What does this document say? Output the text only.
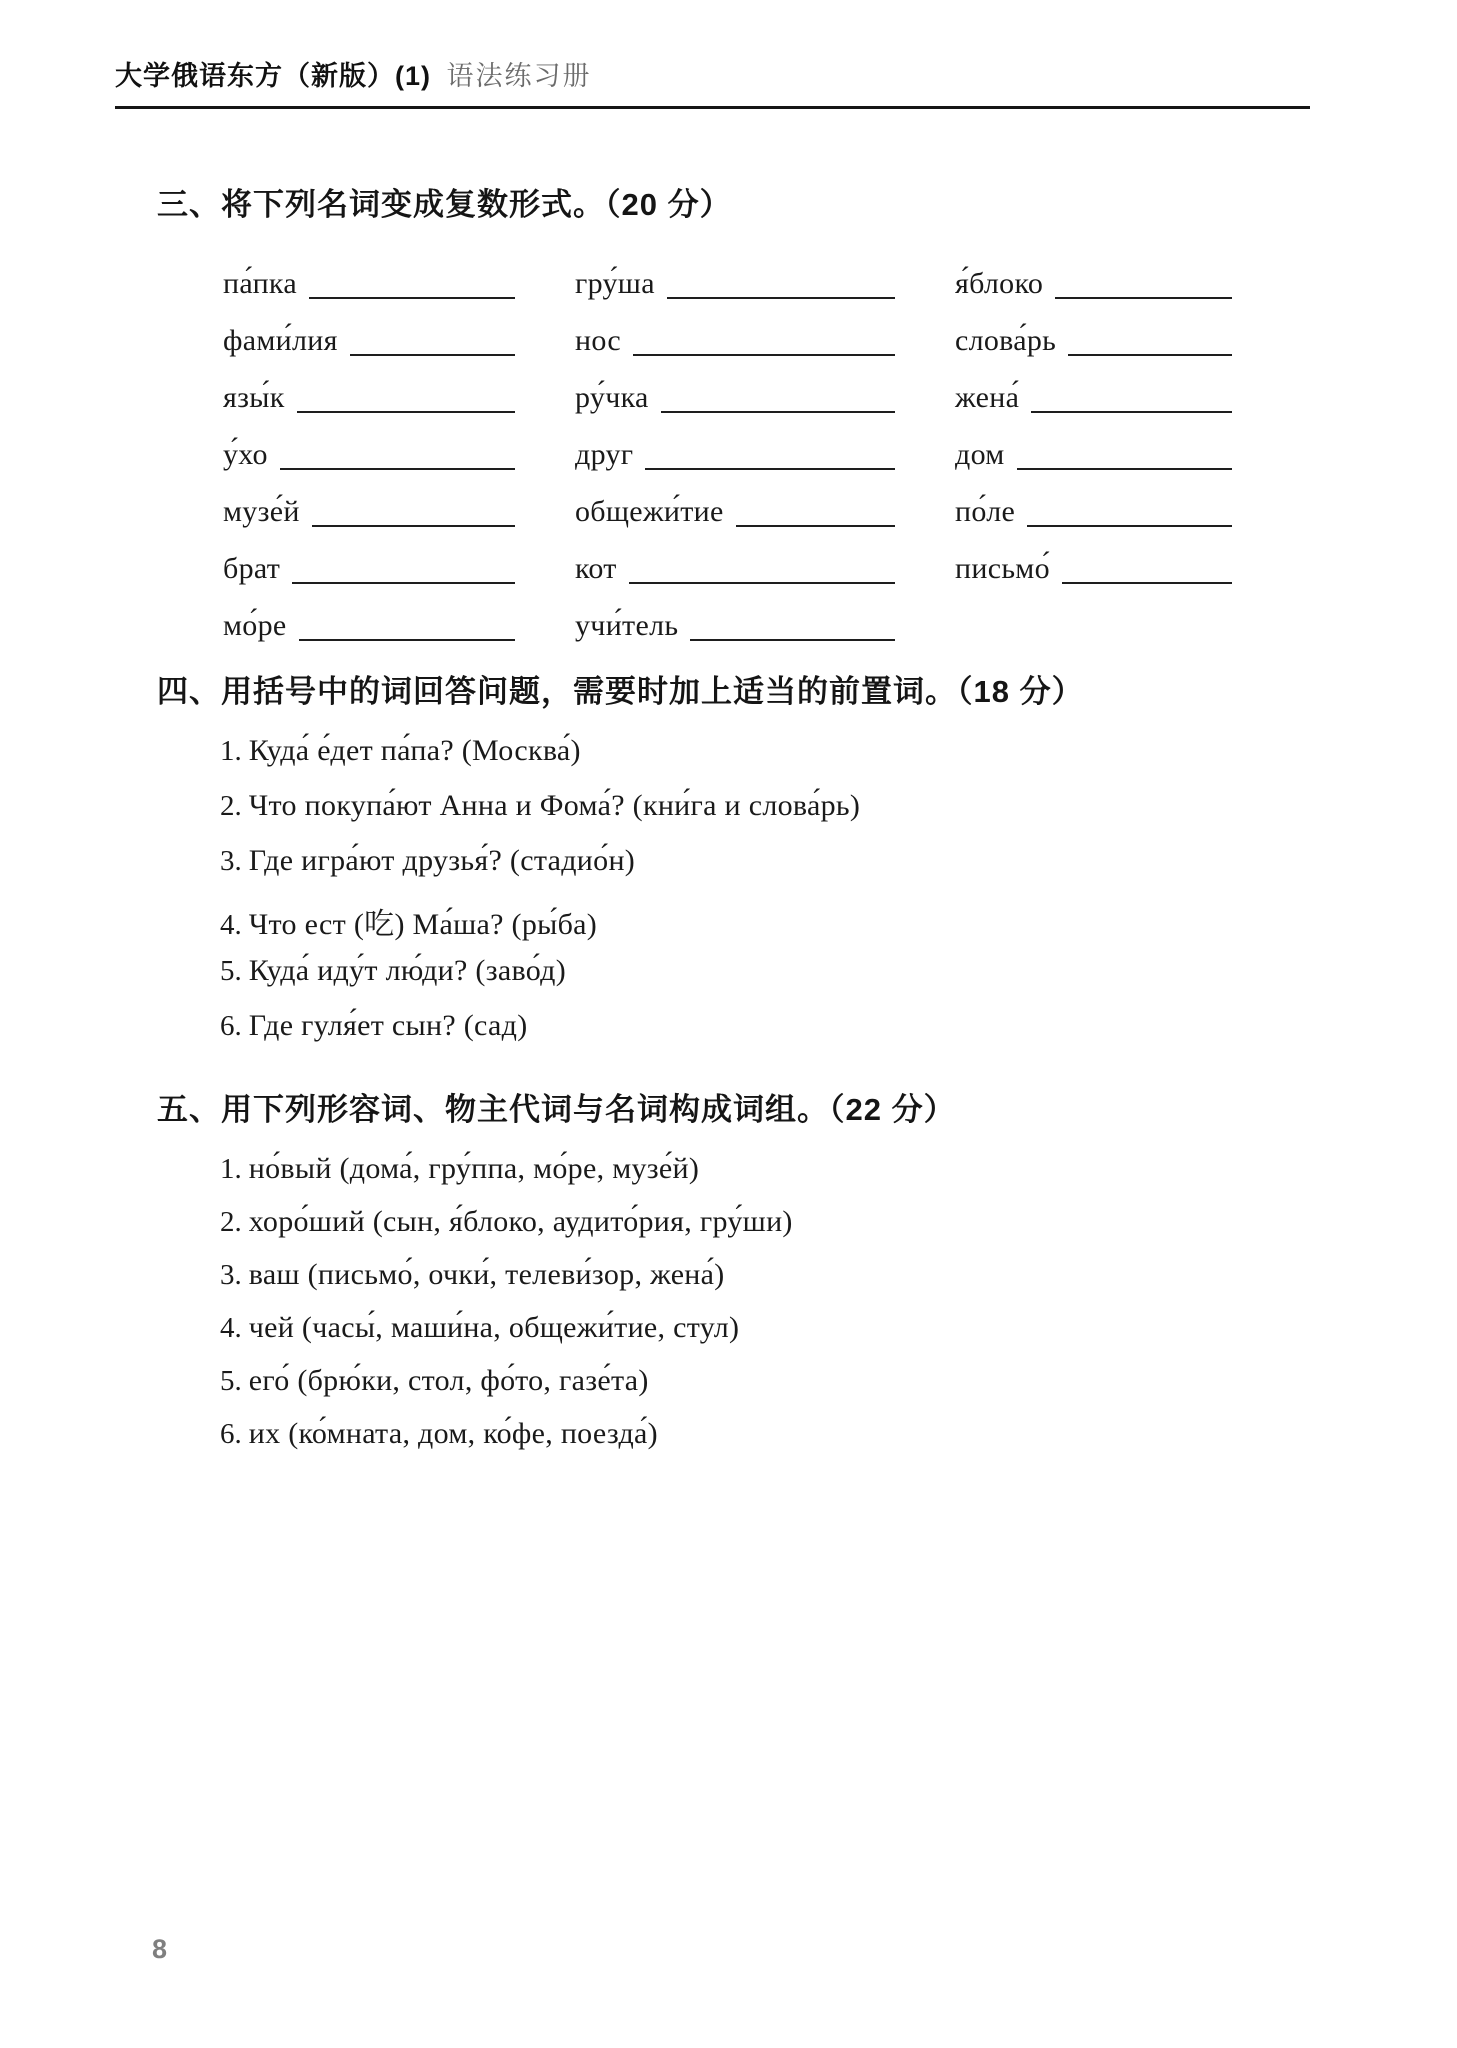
大学俄语东方（新版）(1) 语法练习册
三、将下列名词变成复数形式。（20 分）
па́пка	гру́ша	я́блоко
фами́лия	нос	слова́рь
язы́к	ру́чка	жена́
у́хо	друг	дом
музе́й	общежи́тие	по́ле
брат	кот	письмо́
мо́ре	учи́тель
四、用括号中的词回答问题，需要时加上适当的前置词。（18 分）
1. Куда́ е́дет па́па? (Москва́)
2. Что покупа́ют Анна и Фома́? (кни́га и слова́рь)
3. Где игра́ют друзья́? (стадио́н)
4. Что ест (吃) Ма́ша? (ры́ба)
5. Куда́ иду́т лю́ди? (заво́д)
6. Где гуля́ет сын? (сад)
五、用下列形容词、物主代词与名词构成词组。（22 分）
1. но́вый (дома́, гру́ппа, мо́ре, музе́й)
2. хоро́ший (сын, я́блоко, аудито́рия, гру́ши)
3. ваш (письмо́, очки́, телеви́зор, жена́)
4. чей (часы́, маши́на, общежи́тие, стул)
5. его́ (брю́ки, стол, фо́то, газе́та)
6. их (ко́мната, дом, ко́фе, поезда́)
8
